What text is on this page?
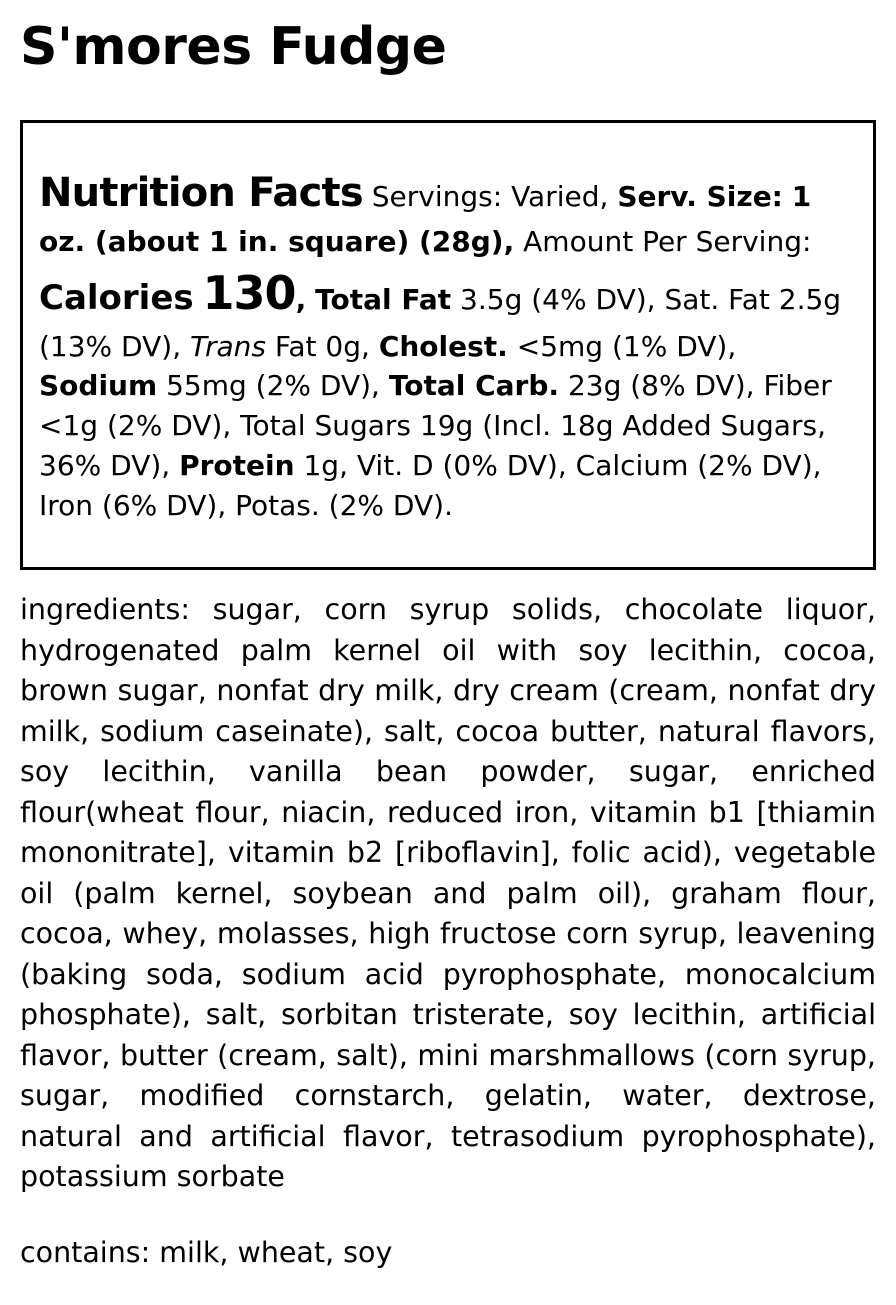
S'mores Fudge

Nutrition Facts Servings: Varied, Serv. Size: 1 oz. (about 1 in. square) (28g), Amount Per Serving: Calories 130, Total Fat 3.5g (4% DV), Sat. Fat 2.5g (13% DV), Trans Fat 0g, Cholest. <5mg (1% DV), Sodium 55mg (2% DV), Total Carb. 23g (8% DV), Fiber <1g (2% DV), Total Sugars 19g (Incl. 18g Added Sugars, 36% DV), Protein 1g, Vit. D (0% DV), Calcium (2% DV), Iron (6% DV), Potas. (2% DV).

ingredients: sugar, corn syrup solids, chocolate liquor, hydrogenated palm kernel oil with soy lecithin, cocoa, brown sugar, nonfat dry milk, dry cream (cream, nonfat dry milk, sodium caseinate), salt, cocoa butter, natural flavors, soy lecithin, vanilla bean powder, sugar, enriched flour(wheat flour, niacin, reduced iron, vitamin b1 [thiamin mononitrate], vitamin b2 [riboflavin], folic acid), vegetable oil (palm kernel, soybean and palm oil), graham flour, cocoa, whey, molasses, high fructose corn syrup, leavening (baking soda, sodium acid pyrophosphate, monocalcium phosphate), salt, sorbitan tristerate, soy lecithin, artificial flavor, butter (cream, salt), mini marshmallows (corn syrup, sugar, modified cornstarch, gelatin, water, dextrose, natural and artificial flavor, tetrasodium pyrophosphate), potassium sorbate

contains: milk, wheat, soy
